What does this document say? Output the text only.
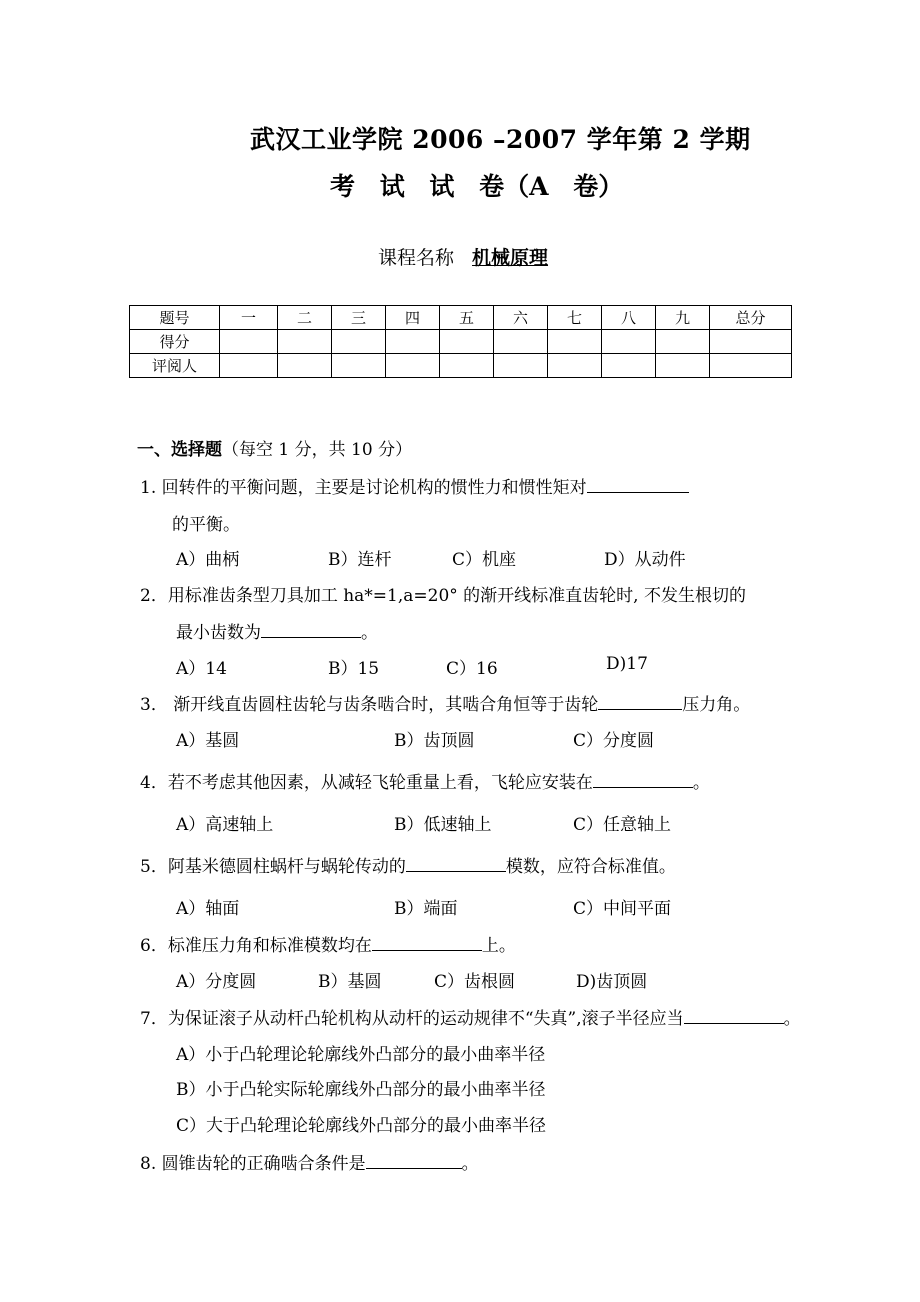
武汉工业学院 2006 –2007 学年第 2 学期
考 试 试 卷（A 卷）
课程名称 机械原理
题号	一	二	三	四	五	六	七	八	九	总分
得分										
评阅人										
一、选择题（每空 1 分，共 10 分）
1. 回转件的平衡问题，主要是讨论机构的惯性力和惯性矩对
的平衡。
A）曲柄	B）连杆	C）机座	D）从动件
2．用标准齿条型刀具加工 ha*=1,a=20° 的渐开线标准直齿轮时, 不发生根切的
最小齿数为	。
A）14	B）15	C）16	D)17
3． 渐开线直齿圆柱齿轮与齿条啮合时，其啮合角恒等于齿轮	压力角。
A）基圆	B）齿顶圆	C）分度圆
4．若不考虑其他因素，从减轻飞轮重量上看，飞轮应安装在	。
A）高速轴上	B）低速轴上	C）任意轴上
5．阿基米德圆柱蜗杆与蜗轮传动的	模数，应符合标准值。
A）轴面	B）端面	C）中间平面
6．标准压力角和标准模数均在	上。
A）分度圆	B）基圆	C）齿根圆	D)齿顶圆
7．为保证滚子从动杆凸轮机构从动杆的运动规律不“失真”,滚子半径应当	。
A）小于凸轮理论轮廓线外凸部分的最小曲率半径
B）小于凸轮实际轮廓线外凸部分的最小曲率半径
C）大于凸轮理论轮廓线外凸部分的最小曲率半径
8. 圆锥齿轮的正确啮合条件是	。
